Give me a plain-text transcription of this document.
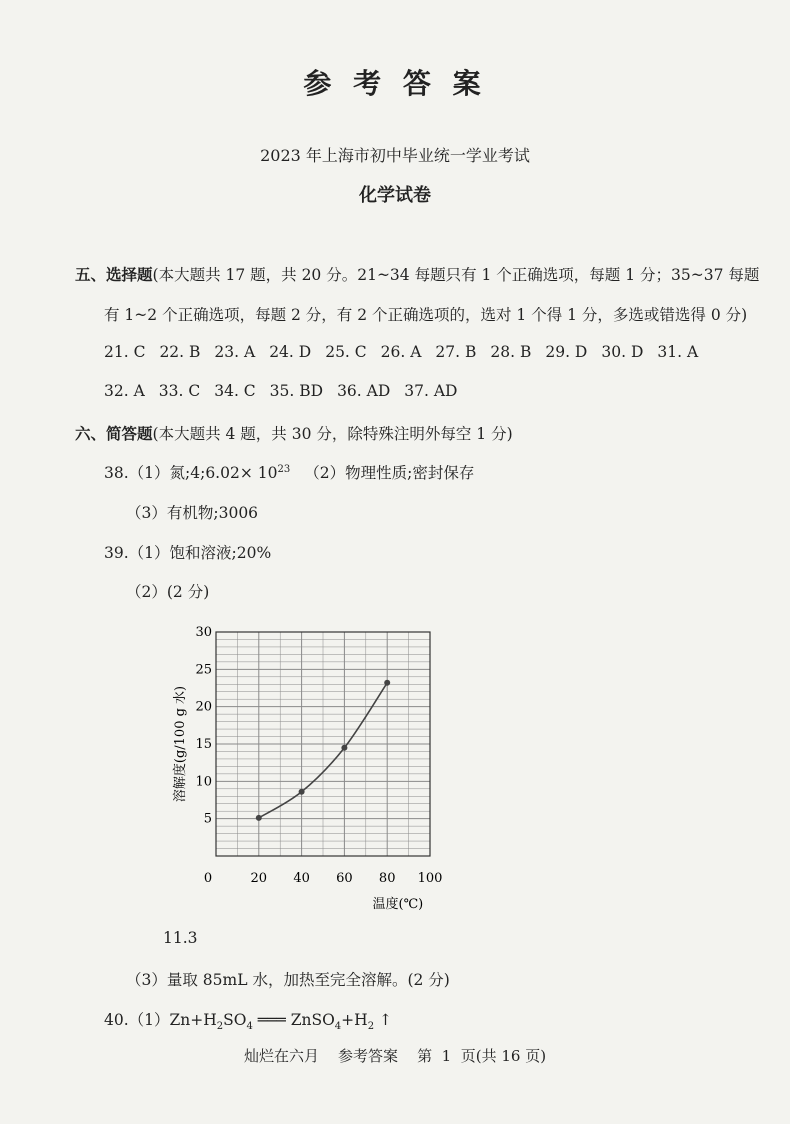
参 考 答 案
2023 年上海市初中毕业统一学业考试
化学试卷
五、选择题(本大题共 17 题，共 20 分。21~34 每题只有 1 个正确选项，每题 1 分；35~37 每题
有 1~2 个正确选项，每题 2 分，有 2 个正确选项的，选对 1 个得 1 分，多选或错选得 0 分)
21. C 22. B 23. A 24. D 25. C 26. A 27. B 28. B 29. D 30. D 31. A
32. A 33. C 34. C 35. BD 36. AD 37. AD
六、简答题(本大题共 4 题，共 30 分，除特殊注明外每空 1 分)
38.（1）氮;4;6.02× $10^{23}$ （2）物理性质;密封保存
（3）有机物;3006
39.（1）饱和溶液;20%
（2）(2 分)
0	20 40 60 80 100
5
10
15
20
25
30
溶解度(g/100 g 水)
温度(℃)
11.3
（3）量取 85mL 水，加热至完全溶解。(2 分)
$40.(1)Zn+H_2SO_4$ ═══ $ZnSO_4+H_2$ ↑
灿烂在六月    参考答案    第  1  页(共 16 页)
